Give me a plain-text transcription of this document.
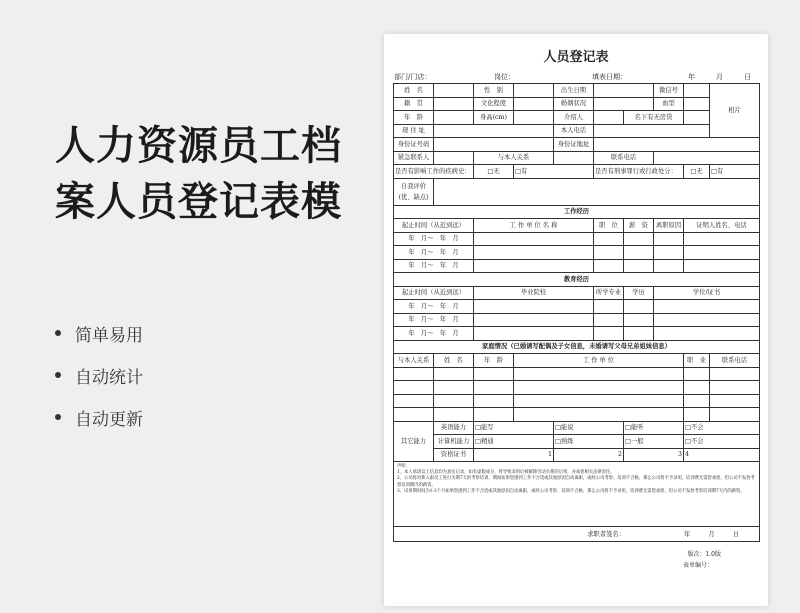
人力资源员工档
案人员登记表模
简单易用
自动统计
自动更新
人员登记表
部门/门店：	岗位：	填表日期：	年	月	日
姓　名		性　别		出生日期			微信号		相片
籍　贯		文化程度		婚姻状况			血型		
年　龄		身高(cm)		介绍人		名下有无房贷			
现 住 址				本人电话					
身份证号码				身份证地址					
紧急联系人		与本人关系			联系电话				
是否有影响工作的疾病史：		□无	□有		是否有刑事罪行或行政处分：			□无	□有
自我评价
(优、缺点)									
工作经历									
起止时间（从近到远）		工 作 单 位 名 称			职　位	薪　资	离职原因	证明人姓名、电话	
年　月～　年　月									
年　月～　年　月									
年　月～　年　月									
教育经历									
起止时间（从近到远）		毕业院校			所学专业	学历	学位/证书		
年　月～　年　月									
年　月～　年　月									
年　月～　年　月									
家庭情况（已婚请写配偶及子女信息，未婚请写父母兄弟姐妹信息）									
与本人关系	姓　名	年　龄	工 作 单 位					职　业	联系电话

其它能力	英语能力	□能写		□能说		□能听		□不会	
	计算机能力	□精通		□熟练		□一般		□不会	
	资格证书	1		2		3		4	

声明：
1、本人承诺以上信息均为真实记录，如有虚假成分，将导致录用后被解除劳动关系的后果，并承担相关法律责任。
2、公司将对新入职员工进行为期7天的考察培训，期间如果您感到工作不合适或其他原因自动离职，或经公司考察、培训不合格，那么公司将不予录用，培训费无需您承担，但公司不发放考察培训期内的薪资。
3、试用期时间为1-2个月如果您感到工作不合适或其他原因自动离职，或经公司考察、培训不合格，那么公司将不予录用，培训费无需您承担，但公司不发放考察培训期7天内的薪资。									

求职者签名： 年 月 日									
版次：1.0版
表单编号：
